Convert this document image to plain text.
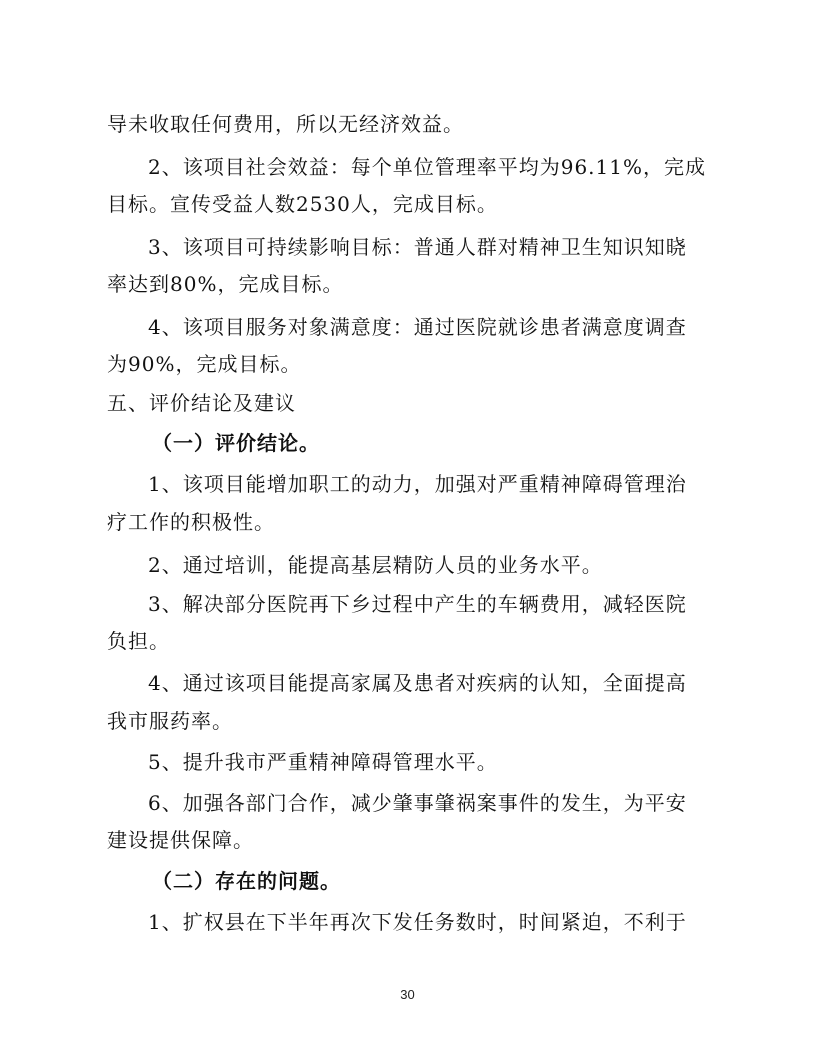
导未收取任何费用，所以无经济效益。
2、该项目社会效益：每个单位管理率平均为96.11%，完成
目标。宣传受益人数2530人，完成目标。
3、该项目可持续影响目标：普通人群对精神卫生知识知晓
率达到80%，完成目标。
4、该项目服务对象满意度：通过医院就诊患者满意度调查
为90%，完成目标。
五、评价结论及建议
（一）评价结论。
1、该项目能增加职工的动力，加强对严重精神障碍管理治
疗工作的积极性。
2、通过培训，能提高基层精防人员的业务水平。
3、解决部分医院再下乡过程中产生的车辆费用，减轻医院
负担。
4、通过该项目能提高家属及患者对疾病的认知，全面提高
我市服药率。
5、提升我市严重精神障碍管理水平。
6、加强各部门合作，减少肇事肇祸案事件的发生，为平安
建设提供保障。
（二）存在的问题。
1、扩权县在下半年再次下发任务数时，时间紧迫，不利于
30
